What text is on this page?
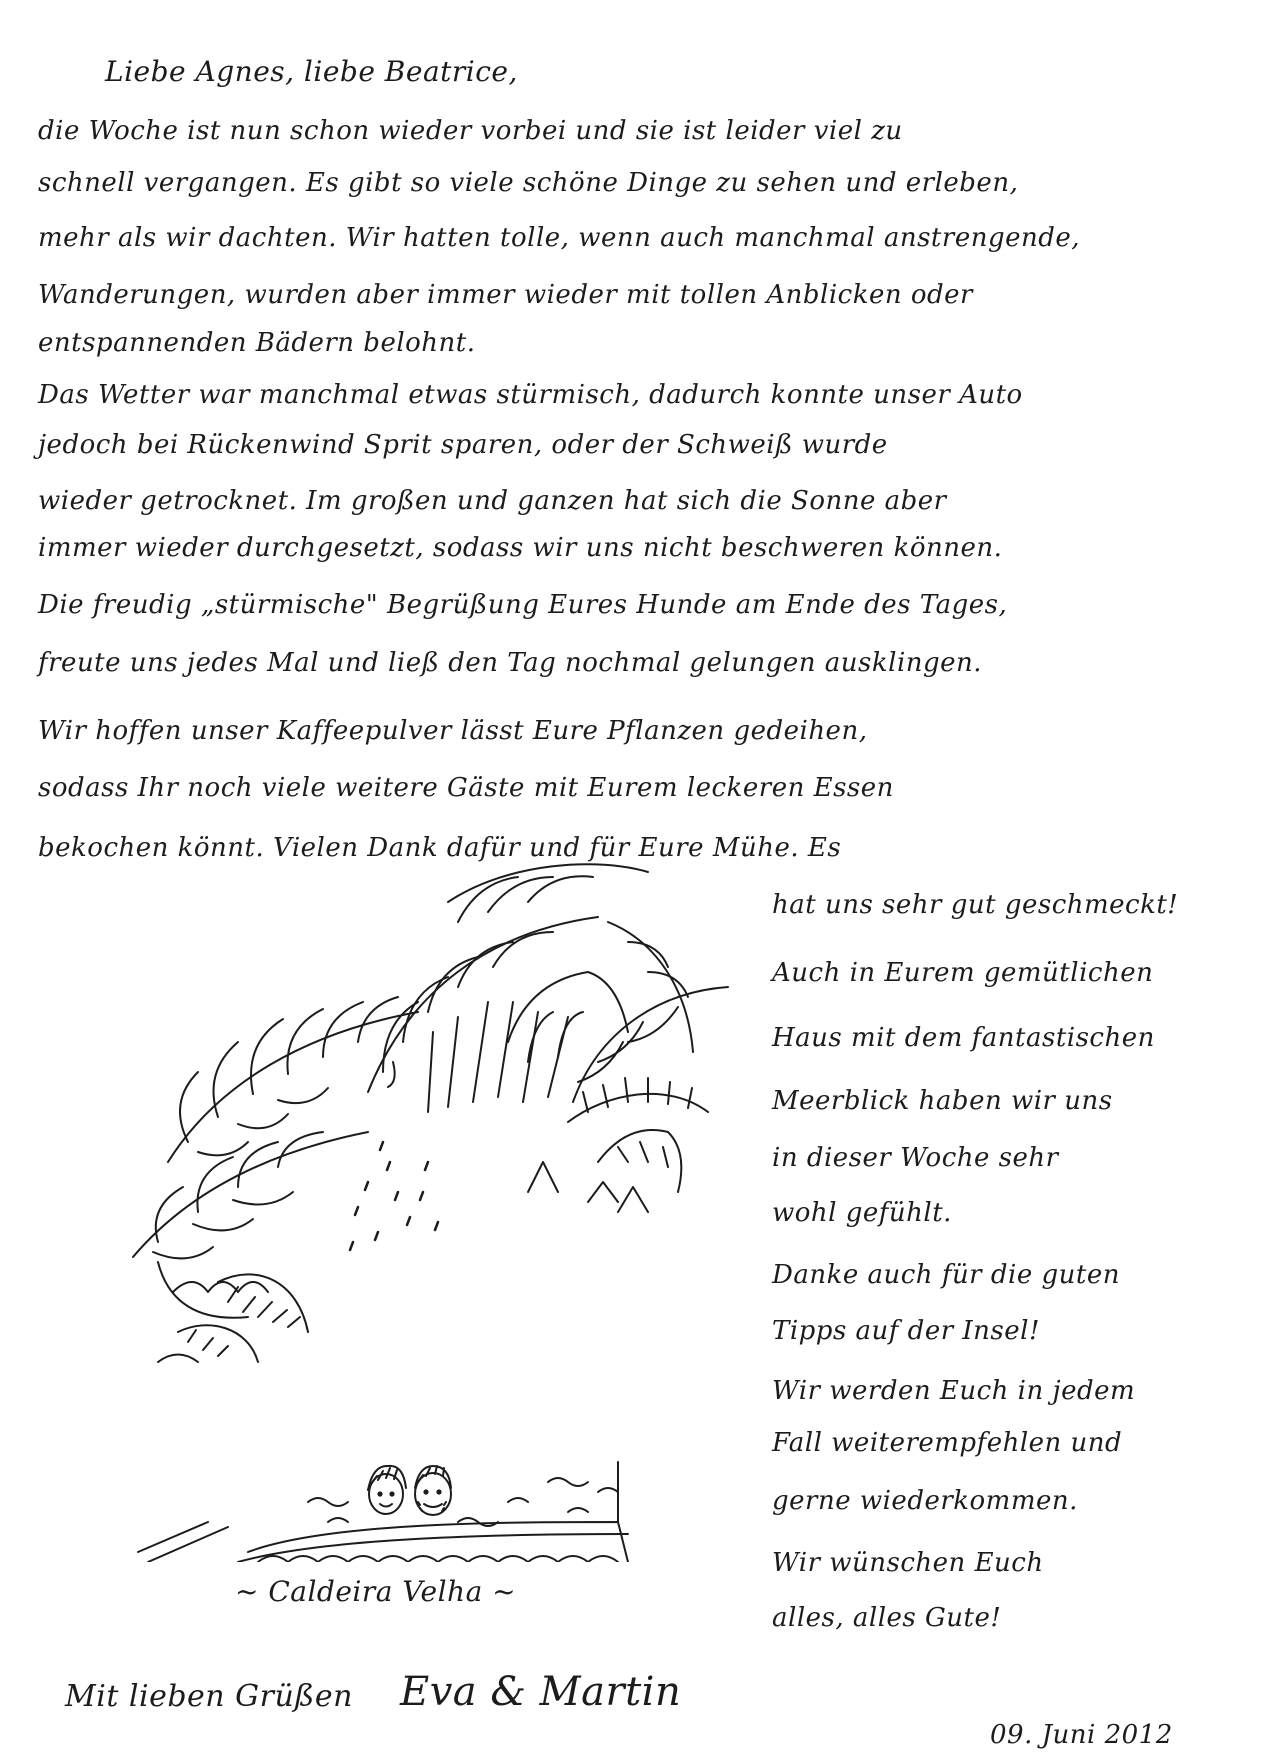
Liebe Agnes, liebe Beatrice,
die Woche ist nun schon wieder vorbei und sie ist leider viel zu
schnell vergangen. Es gibt so viele schöne Dinge zu sehen und erleben,
mehr als wir dachten. Wir hatten tolle, wenn auch manchmal anstrengende,
Wanderungen, wurden aber immer wieder mit tollen Anblicken oder
entspannenden Bädern belohnt.
Das Wetter war manchmal etwas stürmisch, dadurch konnte unser Auto
jedoch bei Rückenwind Sprit sparen, oder der Schweiß wurde
wieder getrocknet. Im großen und ganzen hat sich die Sonne aber
immer wieder durchgesetzt, sodass wir uns nicht beschweren können.
Die freudig „stürmische" Begrüßung Eures Hunde am Ende des Tages,
freute uns jedes Mal und ließ den Tag nochmal gelungen ausklingen.
Wir hoffen unser Kaffeepulver lässt Eure Pflanzen gedeihen,
sodass Ihr noch viele weitere Gäste mit Eurem leckeren Essen
bekochen könnt. Vielen Dank dafür und für Eure Mühe. Es
hat uns sehr gut geschmeckt!
Auch in Eurem gemütlichen
Haus mit dem fantastischen
Meerblick haben wir uns
in dieser Woche sehr
wohl gefühlt.
Danke auch für die guten
Tipps auf der Insel!
Wir werden Euch in jedem
Fall weiterempfehlen und
gerne wiederkommen.
Wir wünschen Euch
alles, alles Gute!
~ Caldeira Velha ~
Mit lieben Grüßen Eva & Martin
09. Juni 2012
